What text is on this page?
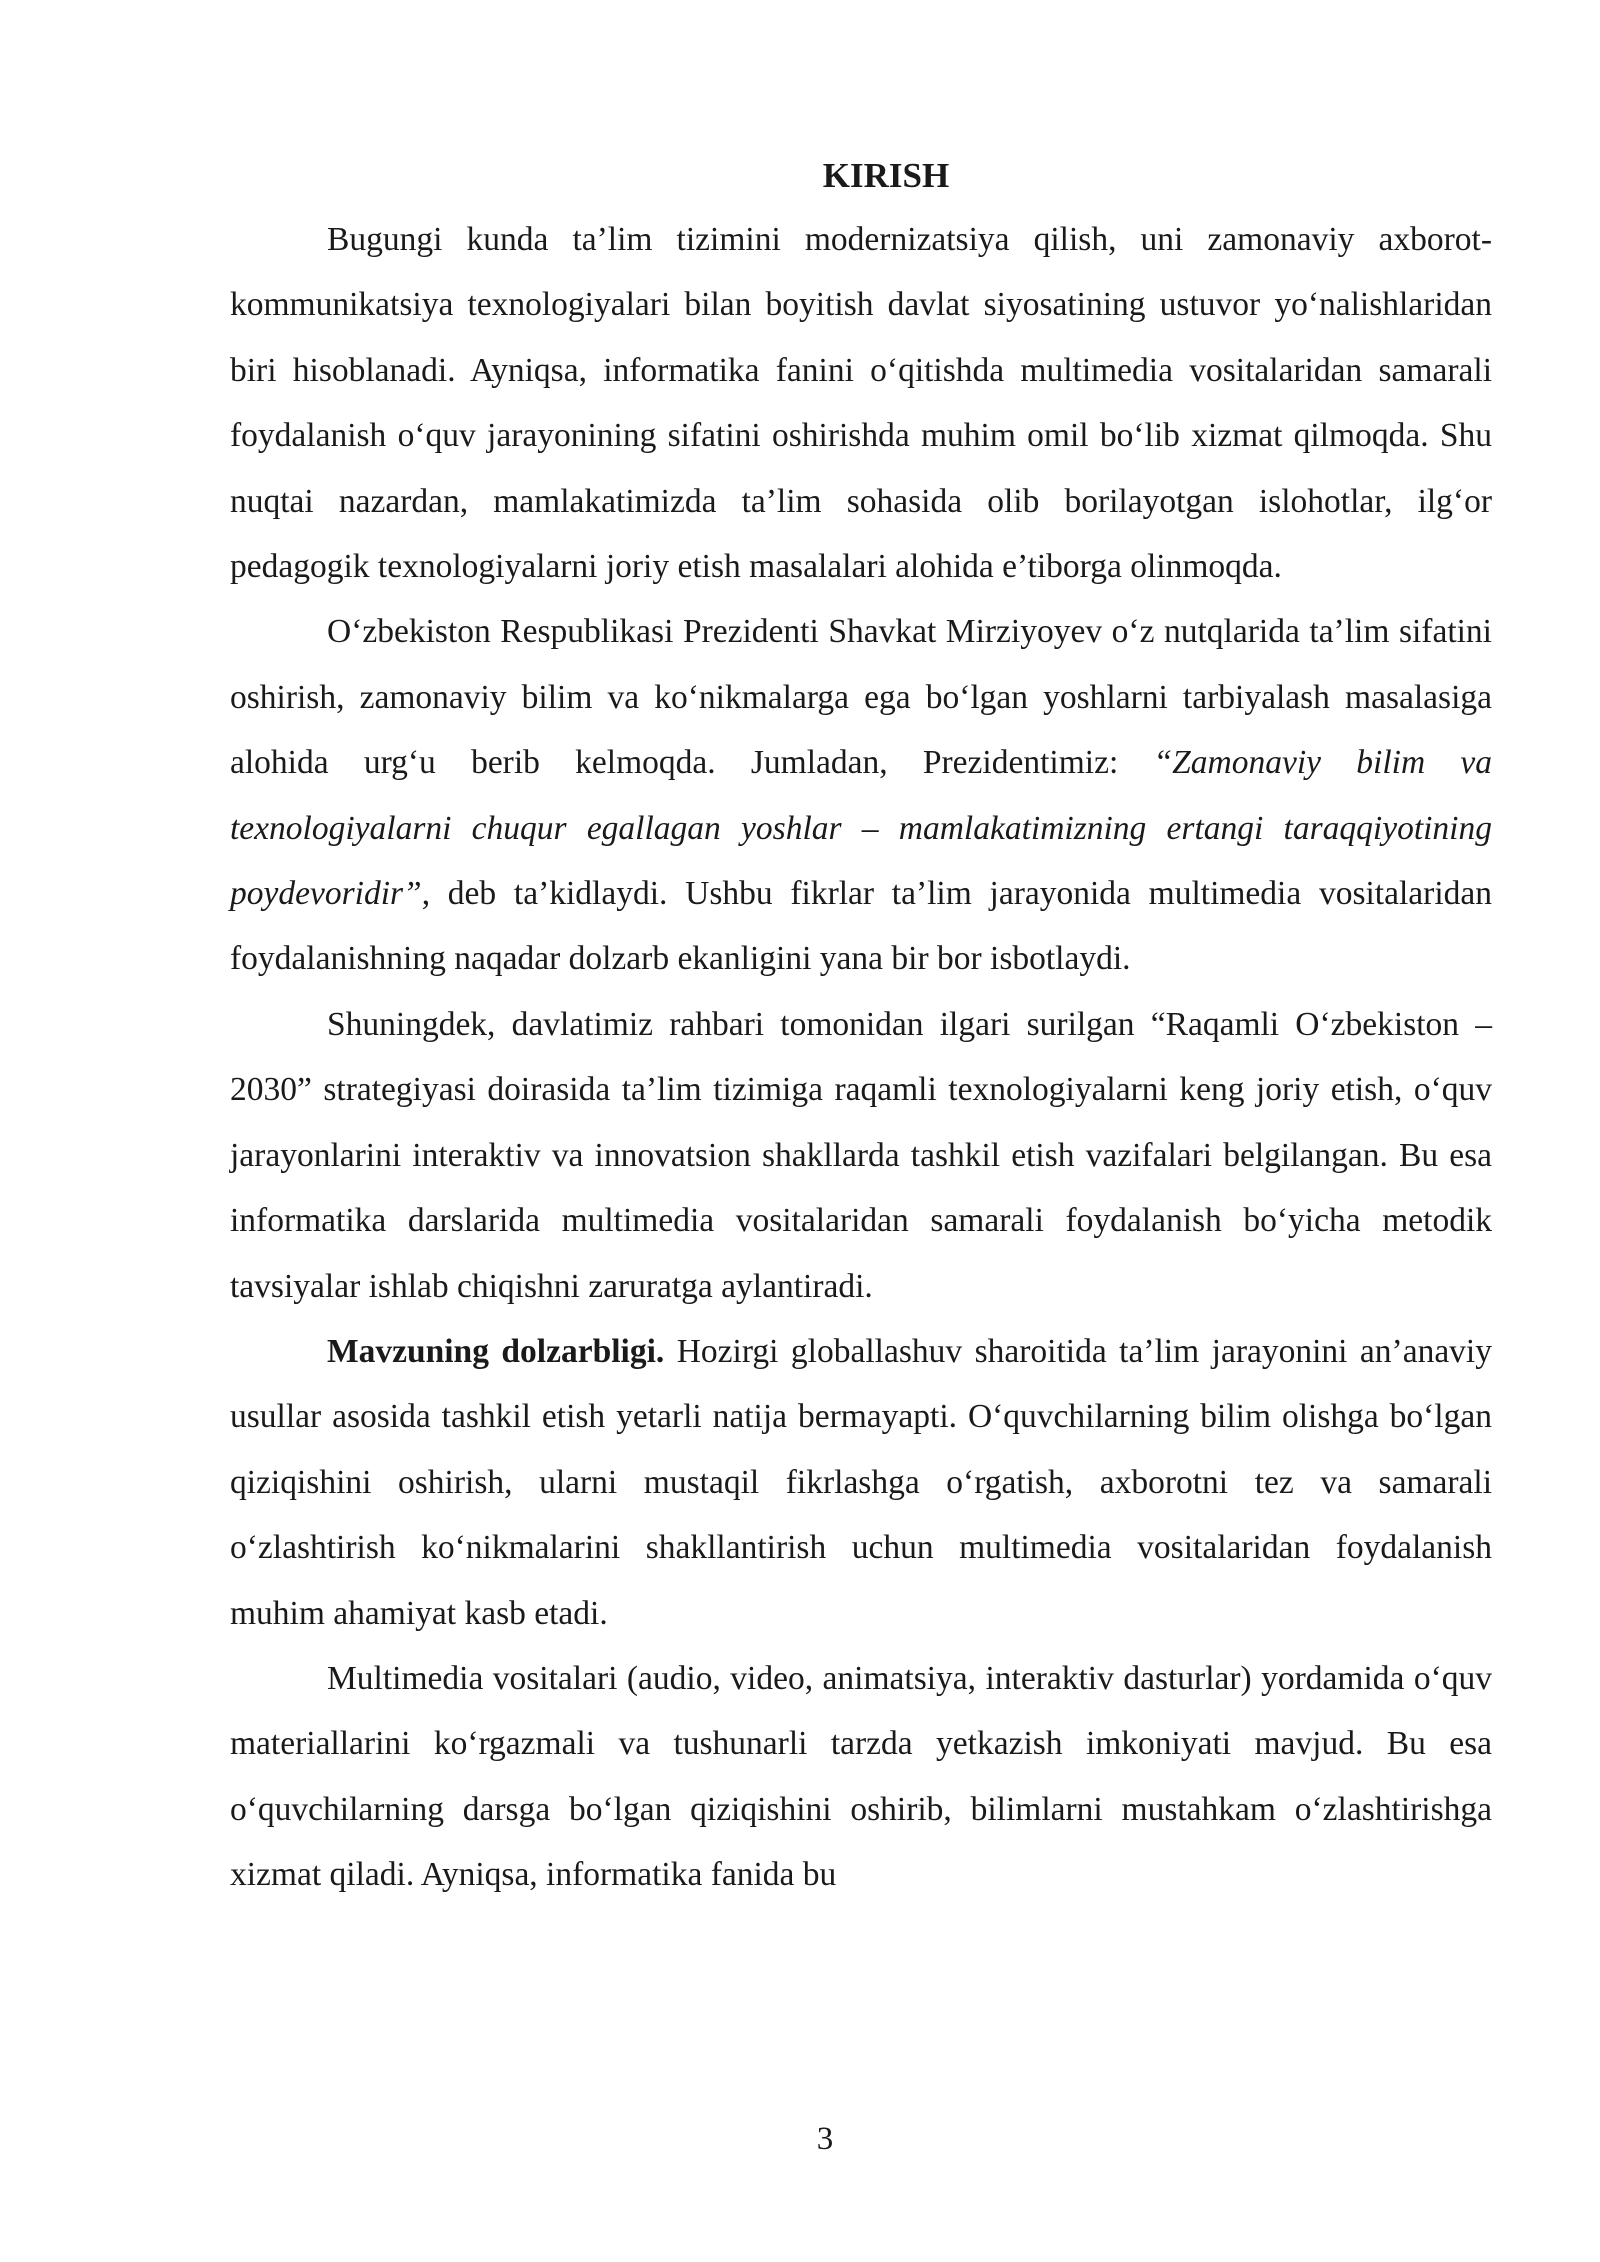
KIRISH

Bugungi kunda ta’lim tizimini modernizatsiya qilish, uni zamonaviy axborot-kommunikatsiya texnologiyalari bilan boyitish davlat siyosatining ustuvor yo‘nalishlaridan biri hisoblanadi. Ayniqsa, informatika fanini o‘qitishda multimedia vositalaridan samarali foydalanish o‘quv jarayonining sifatini oshirishda muhim omil bo‘lib xizmat qilmoqda. Shu nuqtai nazardan, mamlakatimizda ta’lim sohasida olib borilayotgan islohotlar, ilg‘or pedagogik texnologiyalarni joriy etish masalalari alohida e’tiborga olinmoqda.

O‘zbekiston Respublikasi Prezidenti Shavkat Mirziyoyev o‘z nutqlarida ta’lim sifatini oshirish, zamonaviy bilim va ko‘nikmalarga ega bo‘lgan yoshlarni tarbiyalash masalasiga alohida urg‘u berib kelmoqda. Jumladan, Prezidentimiz: “Zamonaviy bilim va texnologiyalarni chuqur egallagan yoshlar – mamlakatimizning ertangi taraqqiyotining poydevoridir”, deb ta’kidlaydi. Ushbu fikrlar ta’lim jarayonida multimedia vositalaridan foydalanishning naqadar dolzarb ekanligini yana bir bor isbotlaydi.

Shuningdek, davlatimiz rahbari tomonidan ilgari surilgan “Raqamli O‘zbekiston – 2030” strategiyasi doirasida ta’lim tizimiga raqamli texnologiyalarni keng joriy etish, o‘quv jarayonlarini interaktiv va innovatsion shakllarda tashkil etish vazifalari belgilangan. Bu esa informatika darslarida multimedia vositalaridan samarali foydalanish bo‘yicha metodik tavsiyalar ishlab chiqishni zaruratga aylantiradi.

Mavzuning dolzarbligi. Hozirgi globallashuv sharoitida ta’lim jarayonini an’anaviy usullar asosida tashkil etish yetarli natija bermayapti. O‘quvchilarning bilim olishga bo‘lgan qiziqishini oshirish, ularni mustaqil fikrlashga o‘rgatish, axborotni tez va samarali o‘zlashtirish ko‘nikmalarini shakllantirish uchun multimedia vositalaridan foydalanish muhim ahamiyat kasb etadi.

Multimedia vositalari (audio, video, animatsiya, interaktiv dasturlar) yordamida o‘quv materiallarini ko‘rgazmali va tushunarli tarzda yetkazish imkoniyati mavjud. Bu esa o‘quvchilarning darsga bo‘lgan qiziqishini oshirib, bilimlarni mustahkam o‘zlashtirishga xizmat qiladi. Ayniqsa, informatika fanida bu

3
